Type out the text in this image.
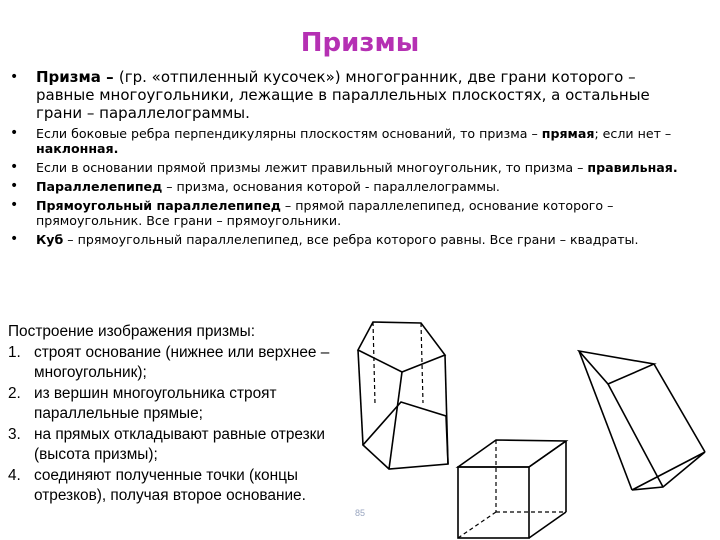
Призмы
• Призма – (гр. «отпиленный кусочек») многогранник, две грани которого – равные многоугольники, лежащие в параллельных плоскостях, а остальные грани – параллелограммы.
• Если боковые ребра перпендикулярны плоскостям оснований, то призма – прямая; если нет – наклонная.
• Если в основании прямой призмы лежит правильный многоугольник, то призма – правильная.
• Параллелепипед – призма, основания которой - параллелограммы.
• Прямоугольный параллелепипед – прямой параллелепипед, основание которого – прямоугольник. Все грани – прямоугольники.
• Куб – прямоугольный параллелепипед, все ребра которого равны. Все грани – квадраты.
Построение изображения призмы:
1. строят основание (нижнее или верхнее – многоугольник);
2. из вершин многоугольника строят параллельные прямые;
3. на прямых откладывают равные отрезки (высота призмы);
4. соединяют полученные точки (концы отрезков), получая второе основание.
85
